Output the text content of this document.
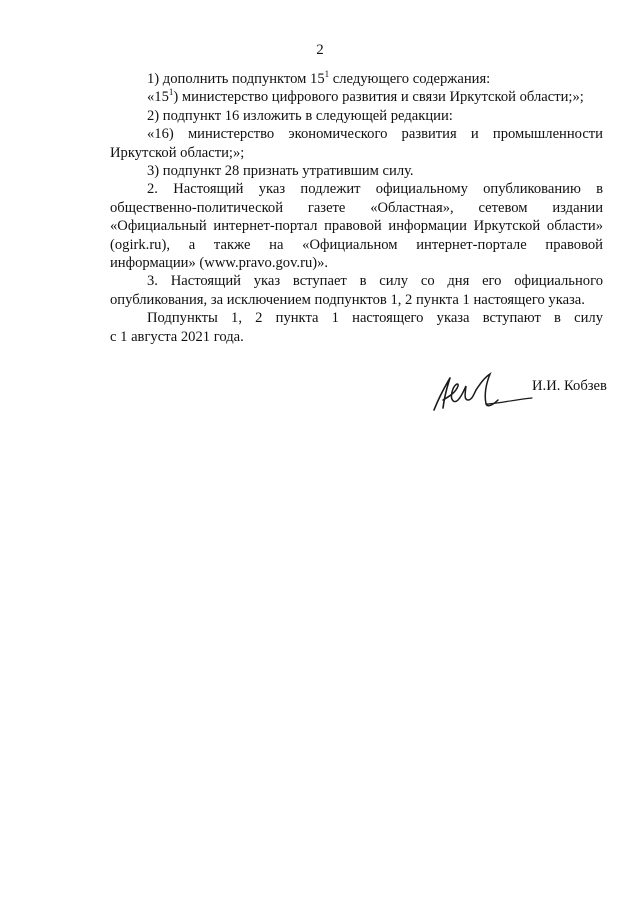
2
1) дополнить подпунктом $15^1$ следующего содержания:
«$15^1$) министерство цифрового развития и связи Иркутской области;»;
2) подпункт 16 изложить в следующей редакции:
«16) министерство экономического развития и промышленности
Иркутской области;»;
3) подпункт 28 признать утратившим силу.
2. Настоящий указ подлежит официальному опубликованию в
общественно-политической газете «Областная», сетевом издании
«Официальный интернет-портал правовой информации Иркутской области»
(ogirk.ru), а также на «Официальном интернет-портале правовой
информации» (www.pravo.gov.ru)».
3. Настоящий указ вступает в силу со дня его официального
опубликования, за исключением подпунктов 1, 2 пункта 1 настоящего указа.
Подпункты 1, 2 пункта 1 настоящего указа вступают в силу
с 1 августа 2021 года.
И.И. Кобзев
